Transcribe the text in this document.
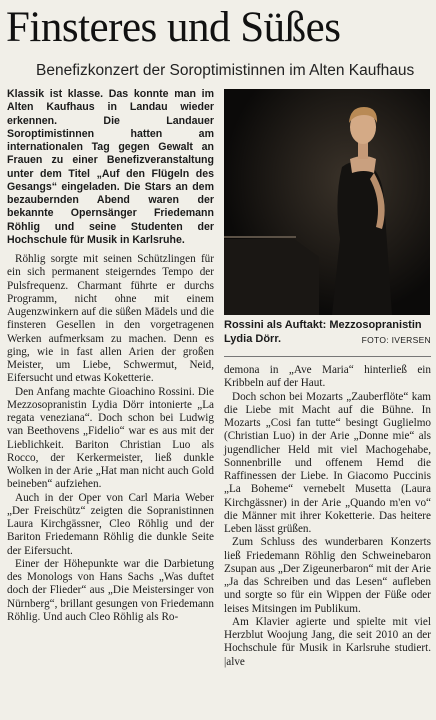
Finsteres und Süßes
Benefizkonzert der Soroptimistinnen im Alten Kaufhaus

Klassik ist klasse. Das konnte man im Alten Kaufhaus in Landau wieder erkennen. Die Landauer Soroptimistinnen hatten am internationalen Tag gegen Gewalt an Frauen zu einer Benefizveranstaltung unter dem Titel „Auf den Flügeln des Gesangs“ eingeladen. Die Stars an dem bezaubernden Abend waren der bekannte Opernsänger Friedemann Röhlig und seine Studenten der Hochschule für Musik in Karlsruhe.

Röhlig sorgte mit seinen Schützlingen für ein sich permanent steigerndes Tempo der Pulsfrequenz. Charmant führte er durchs Programm, nicht ohne mit einem Augenzwinkern auf die süßen Mädels und die finsteren Gesellen in den vorgetragenen Werken aufmerksam zu machen. Denn es ging, wie in fast allen Arien der großen Meister, um Liebe, Schwermut, Neid, Eifersucht und etwas Koketterie.

Den Anfang machte Gioachino Rossini. Die Mezzosopranistin Lydia Dörr intonierte „La regata veneziana“. Doch schon bei Ludwig van Beethovens „Fidelio“ war es aus mit der Lieblichkeit. Bariton Christian Luo als Rocco, der Kerkermeister, ließ dunkle Wolken in der Arie „Hat man nicht auch Gold beineben“ aufziehen.

Auch in der Oper von Carl Maria Weber „Der Freischütz“ zeigten die Sopranistinnen Laura Kirchgässner, Cleo Röhlig und der Bariton Friedemann Röhlig die dunkle Seite der Eifersucht.

Einer der Höhepunkte war die Darbietung des Monologs von Hans Sachs „Was duftet doch der Flieder“ aus „Die Meistersinger von Nürnberg“, brillant gesungen von Friedemann Röhlig. Und auch Cleo Röhlig als Ro-

Rossini als Auftakt: Mezzosopranistin Lydia Dörr.	FOTO: IVERSEN

demona in „Ave Maria“ hinterließ ein Kribbeln auf der Haut.

Doch schon bei Mozarts „Zauberflöte“ kam die Liebe mit Macht auf die Bühne. In Mozarts „Cosi fan tutte“ besingt Guglielmo (Christian Luo) in der Arie „Donne mie“ als jugendlicher Held mit viel Machogehabe, Sonnenbrille und offenem Hemd die Raffinessen der Liebe. In Giacomo Puccinis „La Boheme“ vernebelt Musetta (Laura Kirchgässner) in der Arie „Quando m'en vo“ die Männer mit ihrer Koketterie. Das heitere Leben lässt grüßen.

Zum Schluss des wunderbaren Konzerts ließ Friedemann Röhlig den Schweinebaron Zsupan aus „Der Zigeunerbaron“ mit der Arie „Ja das Schreiben und das Lesen“ aufleben und sorgte so für ein Wippen der Füße oder leises Mitsingen im Publikum.

Am Klavier agierte und spielte mit viel Herzblut Woojung Jang, die seit 2010 an der Hochschule für Musik in Karlsruhe studiert. |alve
